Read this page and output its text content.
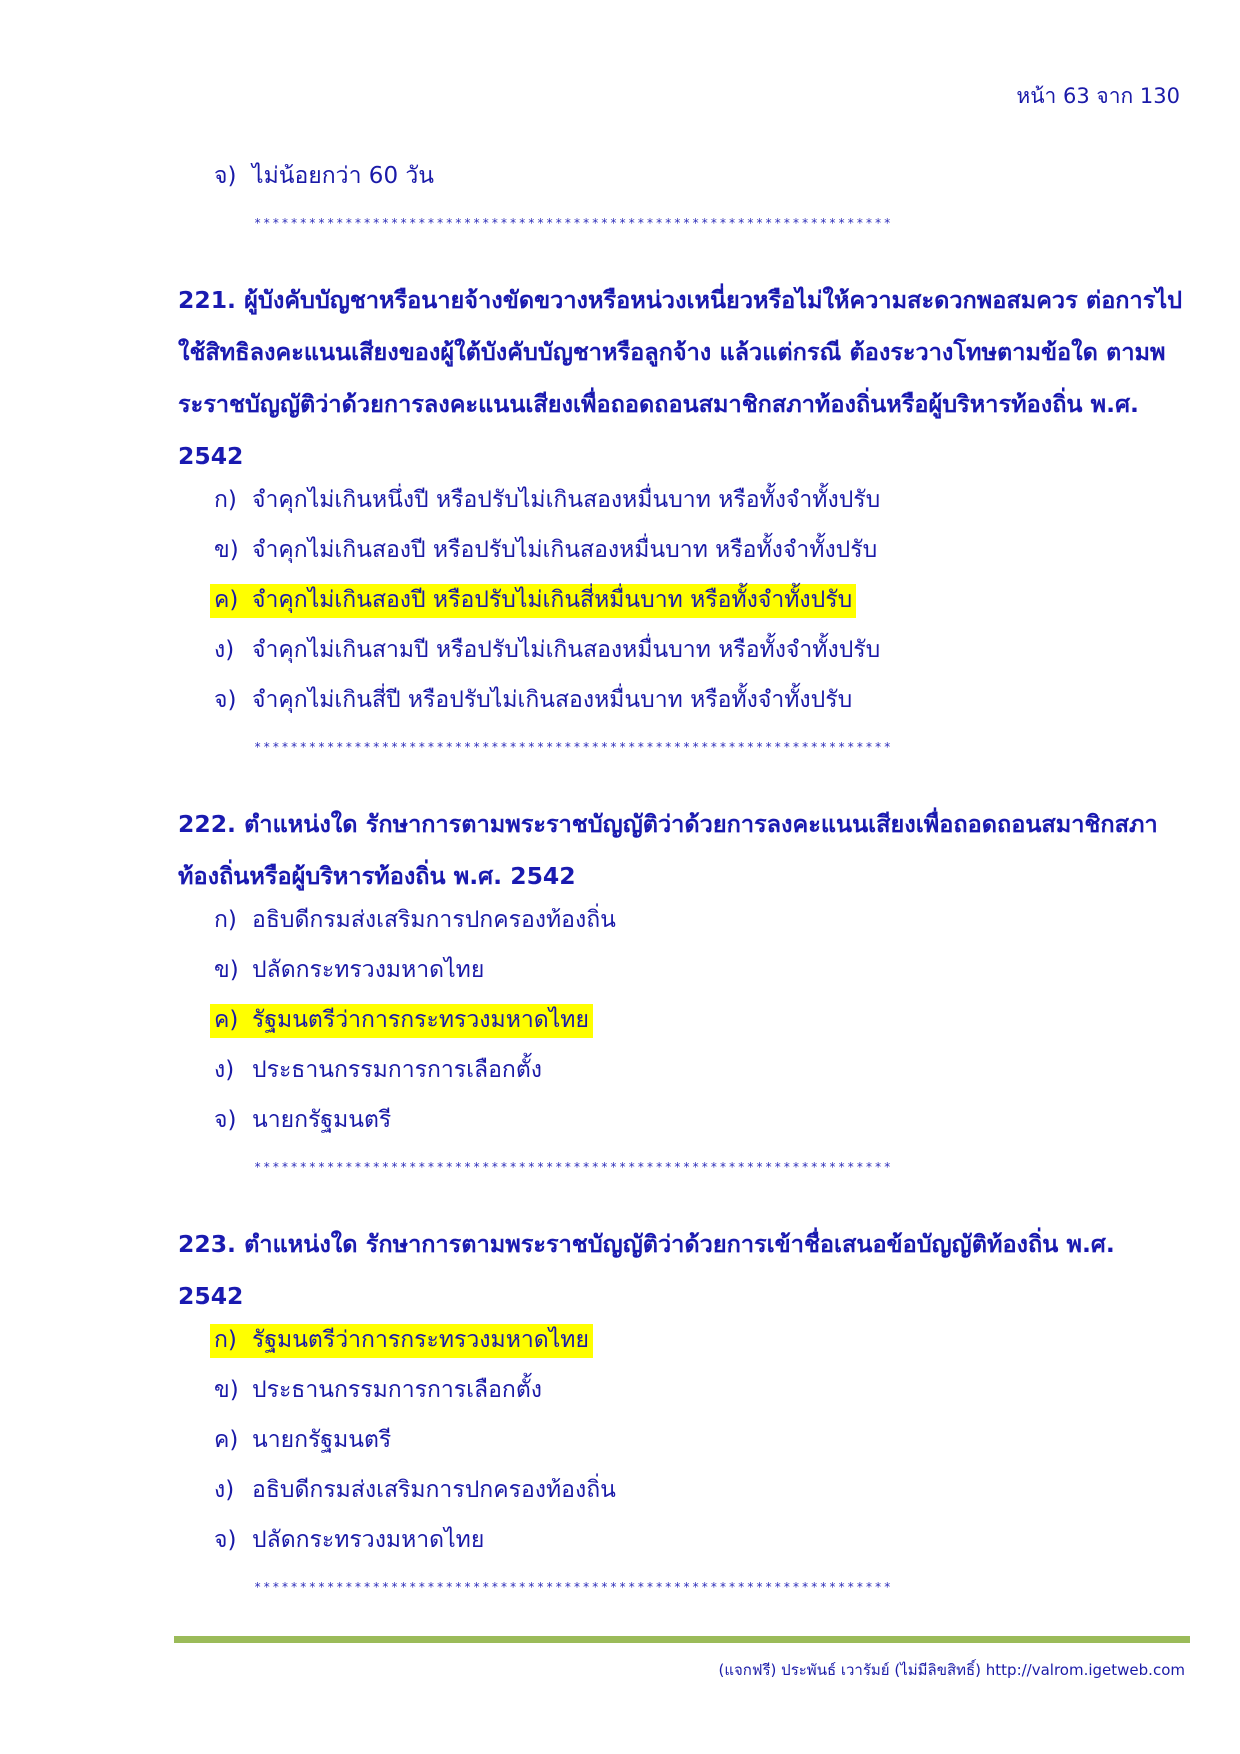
หน้า 63 จาก 130
จ) ไม่น้อยกว่า 60 วัน
**********************************************************************
221. ผู้บังคับบัญชาหรือนายจ้างขัดขวางหรือหน่วงเหนี่ยวหรือไม่ให้ความสะดวกพอสมควร ต่อการไปใช้สิทธิลงคะแนนเสียงของผู้ใต้บังคับบัญชาหรือลูกจ้าง แล้วแต่กรณี ต้องระวางโทษตามข้อใด ตามพระราชบัญญัติว่าด้วยการลงคะแนนเสียงเพื่อถอดถอนสมาชิกสภาท้องถิ่นหรือผู้บริหารท้องถิ่น พ.ศ. 2542
ก) จำคุกไม่เกินหนึ่งปี หรือปรับไม่เกินสองหมื่นบาท หรือทั้งจำทั้งปรับ
ข) จำคุกไม่เกินสองปี หรือปรับไม่เกินสองหมื่นบาท หรือทั้งจำทั้งปรับ
ค) จำคุกไม่เกินสองปี หรือปรับไม่เกินสี่หมื่นบาท หรือทั้งจำทั้งปรับ
ง) จำคุกไม่เกินสามปี หรือปรับไม่เกินสองหมื่นบาท หรือทั้งจำทั้งปรับ
จ) จำคุกไม่เกินสี่ปี หรือปรับไม่เกินสองหมื่นบาท หรือทั้งจำทั้งปรับ
**********************************************************************
222. ตำแหน่งใด รักษาการตามพระราชบัญญัติว่าด้วยการลงคะแนนเสียงเพื่อถอดถอนสมาชิกสภาท้องถิ่นหรือผู้บริหารท้องถิ่น พ.ศ. 2542
ก) อธิบดีกรมส่งเสริมการปกครองท้องถิ่น
ข) ปลัดกระทรวงมหาดไทย
ค) รัฐมนตรีว่าการกระทรวงมหาดไทย
ง) ประธานกรรมการการเลือกตั้ง
จ) นายกรัฐมนตรี
**********************************************************************
223. ตำแหน่งใด รักษาการตามพระราชบัญญัติว่าด้วยการเข้าชื่อเสนอข้อบัญญัติท้องถิ่น พ.ศ. 2542
ก) รัฐมนตรีว่าการกระทรวงมหาดไทย
ข) ประธานกรรมการการเลือกตั้ง
ค) นายกรัฐมนตรี
ง) อธิบดีกรมส่งเสริมการปกครองท้องถิ่น
จ) ปลัดกระทรวงมหาดไทย
**********************************************************************
(แจกฟรี) ประพันธ์ เวารัมย์ (ไม่มีลิขสิทธิ์) http://valrom.igetweb.com
